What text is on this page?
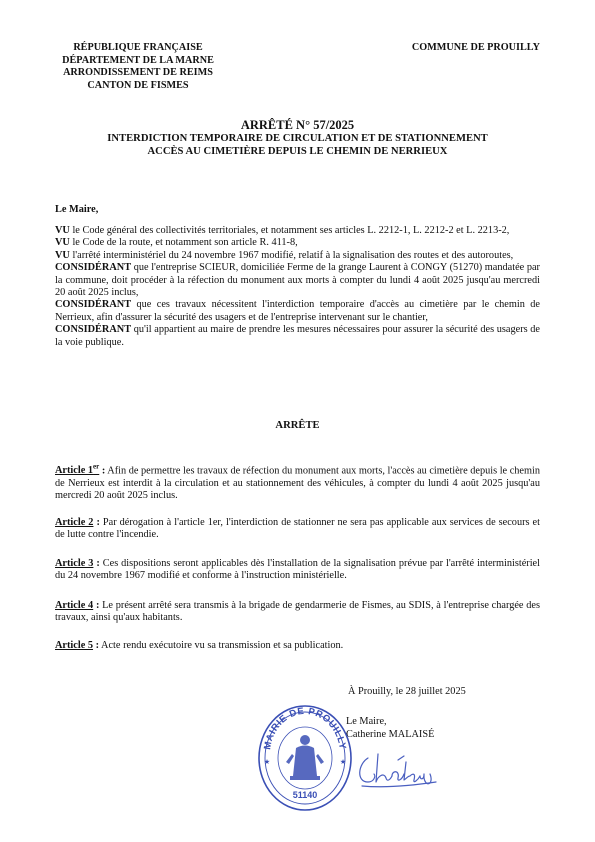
RÉPUBLIQUE FRANÇAISE
DÉPARTEMENT DE LA MARNE
ARRONDISSEMENT DE REIMS
CANTON DE FISMES
COMMUNE DE PROUILLY
ARRÊTÉ N° 57/2025
INTERDICTION TEMPORAIRE DE CIRCULATION ET DE STATIONNEMENT
ACCÈS AU CIMETIÈRE DEPUIS LE CHEMIN DE NERRIEUX
Le Maire,

VU le Code général des collectivités territoriales, et notamment ses articles L. 2212-1, L. 2212-2 et L. 2213-2,

VU le Code de la route, et notamment son article R. 411-8,

VU l'arrêté interministériel du 24 novembre 1967 modifié, relatif à la signalisation des routes et des autoroutes,

CONSIDÉRANT que l'entreprise SCIEUR, domiciliée Ferme de la grange Laurent à CONGY (51270) mandatée par la commune, doit procéder à la réfection du monument aux morts à compter du lundi 4 août 2025 jusqu'au mercredi 20 août 2025 inclus,

CONSIDÉRANT que ces travaux nécessitent l'interdiction temporaire d'accès au cimetière par le chemin de Nerrieux, afin d'assurer la sécurité des usagers et de l'entreprise intervenant sur le chantier,

CONSIDÉRANT qu'il appartient au maire de prendre les mesures nécessaires pour assurer la sécurité des usagers de la voie publique.

ARRÊTE

Article 1er : Afin de permettre les travaux de réfection du monument aux morts, l'accès au cimetière depuis le chemin de Nerrieux est interdit à la circulation et au stationnement des véhicules, à compter du lundi 4 août 2025 jusqu'au mercredi 20 août 2025 inclus.

Article 2 : Par dérogation à l'article 1er, l'interdiction de stationner ne sera pas applicable aux services de secours et de lutte contre l'incendie.

Article 3 : Ces dispositions seront applicables dès l'installation de la signalisation prévue par l'arrêté interministériel du 24 novembre 1967 modifié et conforme à l'instruction ministérielle.

Article 4 : Le présent arrêté sera transmis à la brigade de gendarmerie de Fismes, au SDIS, à l'entreprise chargée des travaux, ainsi qu'aux habitants.

Article 5 : Acte rendu exécutoire vu sa transmission et sa publication.

À Prouilly, le 28 juillet 2025
Le Maire,
Catherine MALAISÉ
MAIRIE DE PROUILLY
51140
★	★
